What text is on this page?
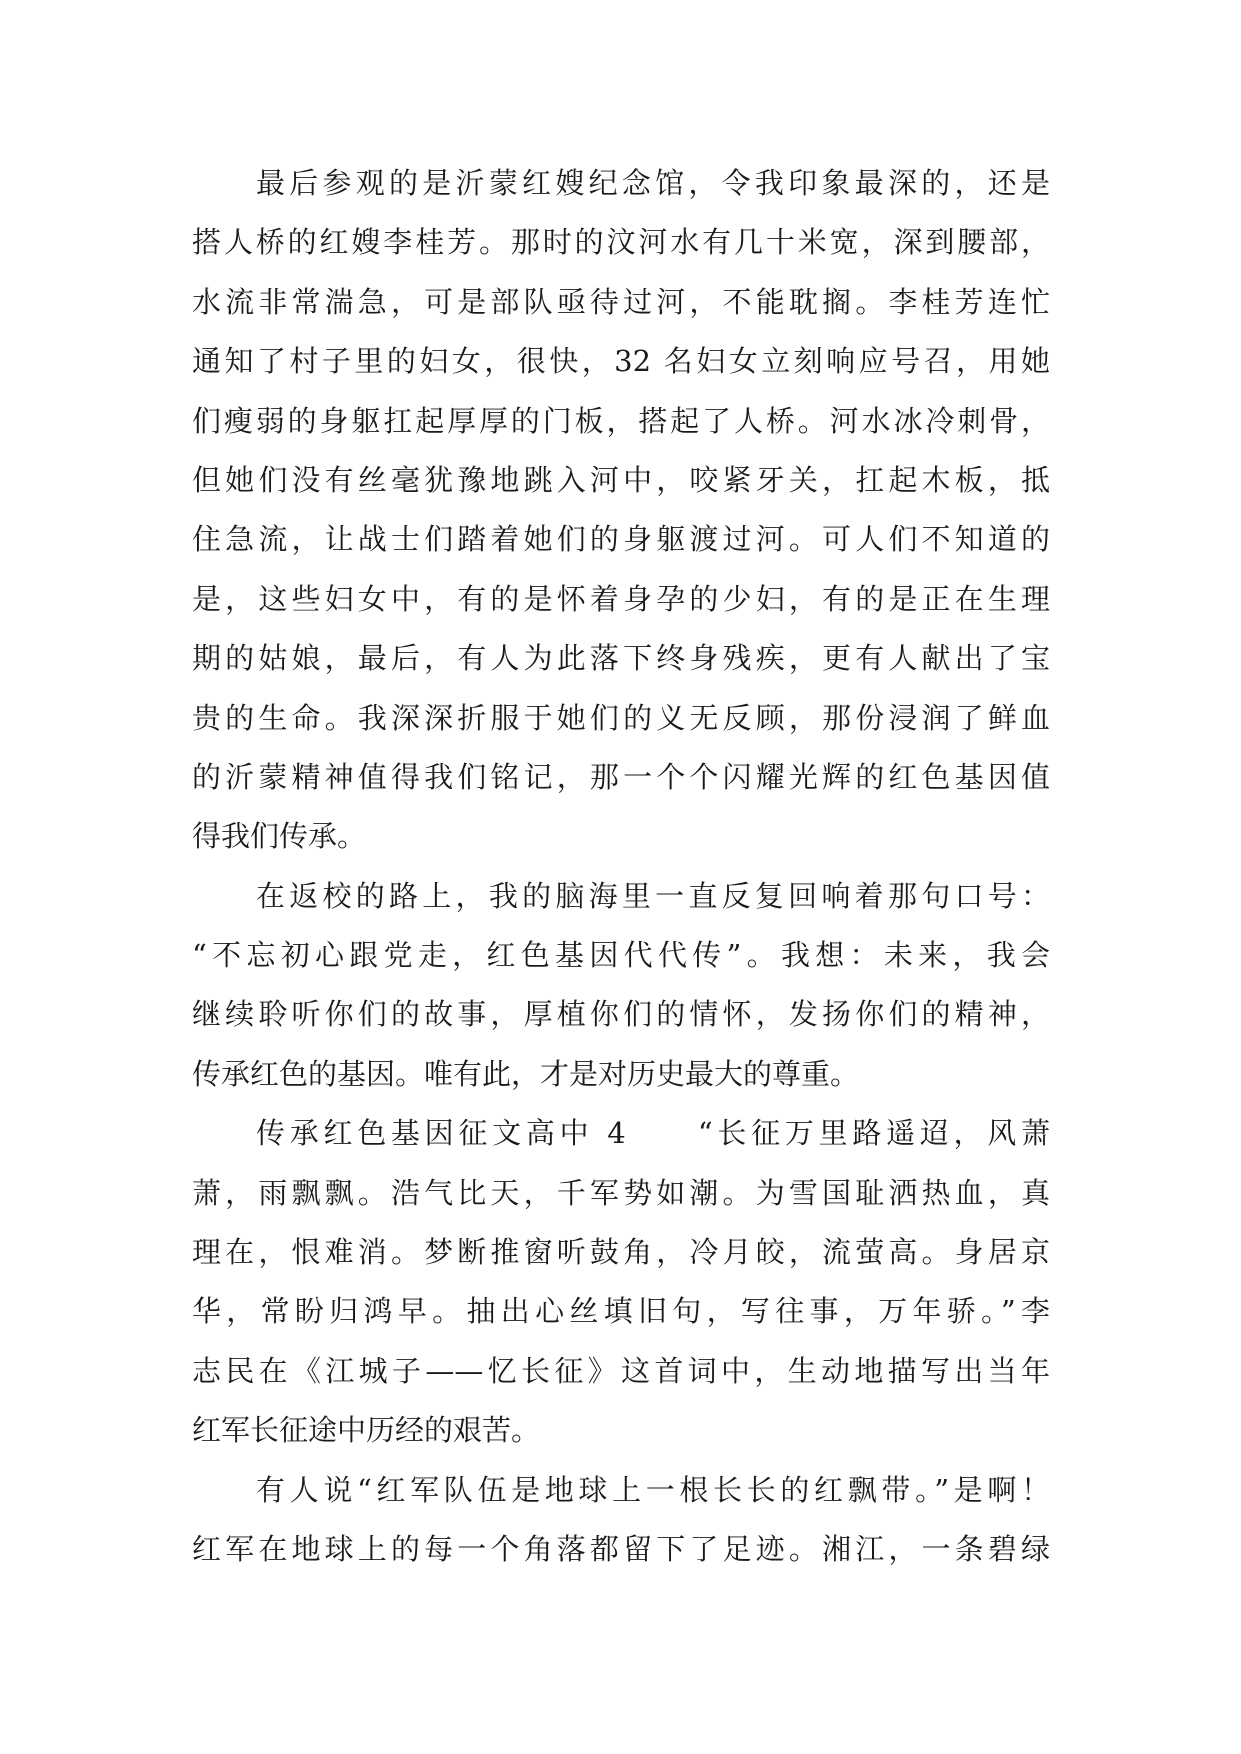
最后参观的是沂蒙红嫂纪念馆，令我印象最深的，还是
搭人桥的红嫂李桂芳。那时的汶河水有几十米宽，深到腰部，
水流非常湍急，可是部队亟待过河，不能耽搁。李桂芳连忙
通知了村子里的妇女，很快，32 名妇女立刻响应号召，用她
们瘦弱的身躯扛起厚厚的门板，搭起了人桥。河水冰冷刺骨，
但她们没有丝毫犹豫地跳入河中，咬紧牙关，扛起木板，抵
住急流，让战士们踏着她们的身躯渡过河。可人们不知道的
是，这些妇女中，有的是怀着身孕的少妇，有的是正在生理
期的姑娘，最后，有人为此落下终身残疾，更有人献出了宝
贵的生命。我深深折服于她们的义无反顾，那份浸润了鲜血
的沂蒙精神值得我们铭记，那一个个闪耀光辉的红色基因值
得我们传承。
在返校的路上，我的脑海里一直反复回响着那句口号：
“不忘初心跟党走，红色基因代代传”。我想：未来，我会
继续聆听你们的故事，厚植你们的情怀，发扬你们的精神，
传承红色的基因。唯有此，才是对历史最大的尊重。
传承红色基因征文高中 4　　“长征万里路遥迢，风萧
萧，雨飘飘。浩气比天，千军势如潮。为雪国耻洒热血，真
理在，恨难消。梦断推窗听鼓角，冷月皎，流萤高。身居京
华，常盼归鸿早。抽出心丝填旧句，写往事，万年骄。”李
志民在《江城子——忆长征》这首词中，生动地描写出当年
红军长征途中历经的艰苦。
有人说“红军队伍是地球上一根长长的红飘带。”是啊！
红军在地球上的每一个角落都留下了足迹。湘江，一条碧绿
